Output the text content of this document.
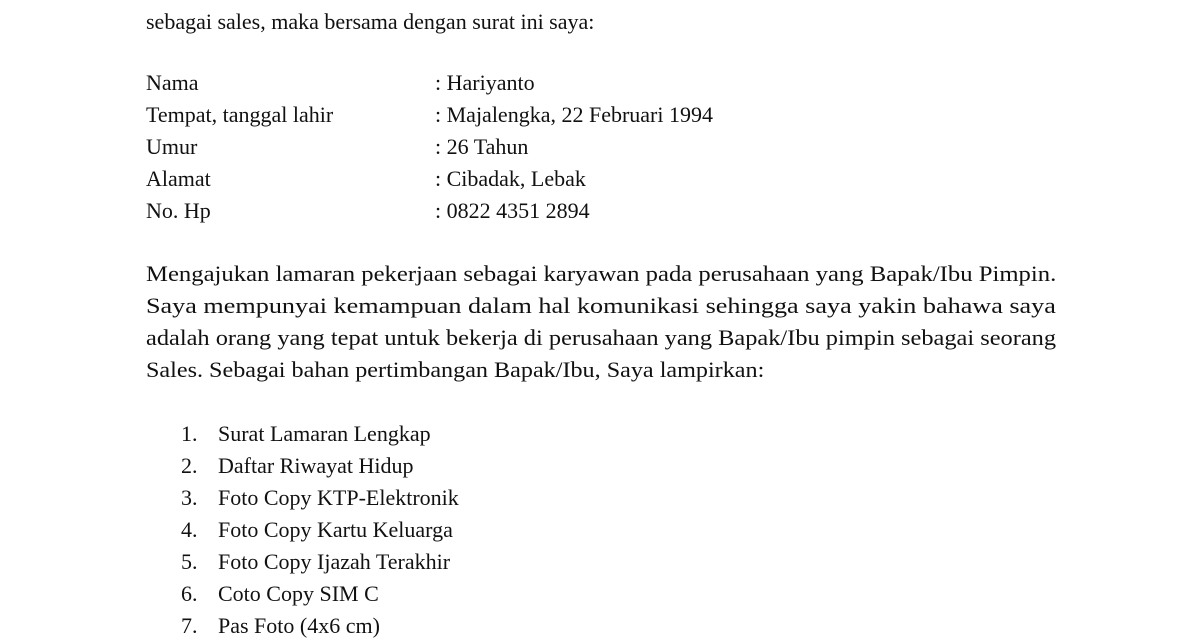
sebagai sales, maka bersama dengan surat ini saya:
Nama	: Hariyanto
Tempat, tanggal lahir	: Majalengka, 22 Februari 1994
Umur	: 26 Tahun
Alamat	: Cibadak, Lebak
No. Hp	: 0822 4351 2894
Mengajukan lamaran pekerjaan sebagai karyawan pada perusahaan yang Bapak/Ibu Pimpin.
Saya mempunyai kemampuan dalam hal komunikasi sehingga saya yakin bahawa saya
adalah orang yang tepat untuk bekerja di perusahaan yang Bapak/Ibu pimpin sebagai seorang
Sales. Sebagai bahan pertimbangan Bapak/Ibu, Saya lampirkan:
1. Surat Lamaran Lengkap
2. Daftar Riwayat Hidup
3. Foto Copy KTP-Elektronik
4. Foto Copy Kartu Keluarga
5. Foto Copy Ijazah Terakhir
6. Coto Copy SIM C
7. Pas Foto (4x6 cm)
